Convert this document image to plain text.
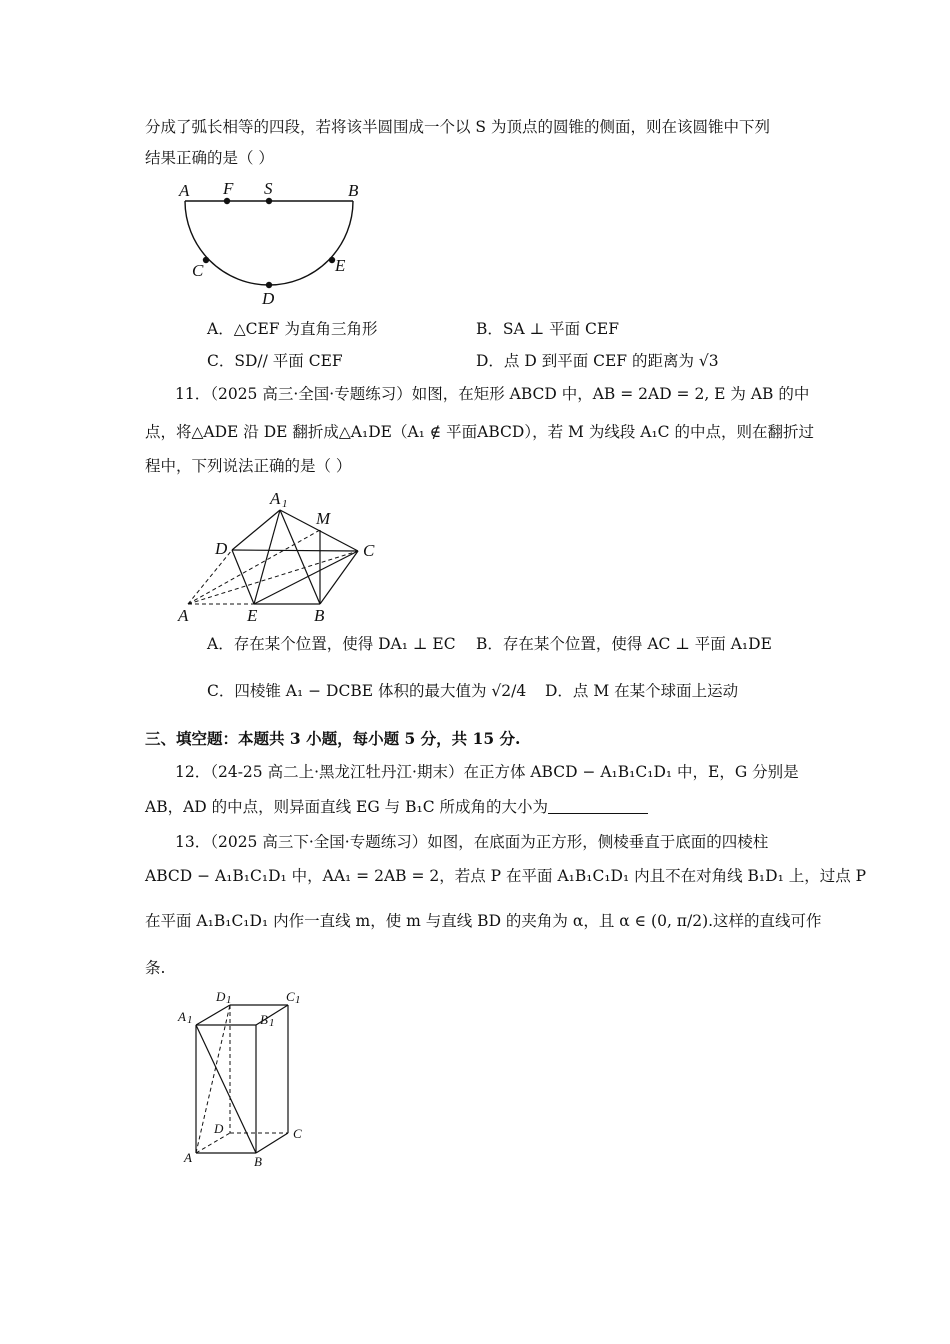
分成了弧长相等的四段，若将该半圆围成一个以 S 为顶点的圆锥的侧面，则在该圆锥中下列
结果正确的是（ ）
A F S	B
C
D
E
A．△CEF 为直角三角形	B．SA ⊥ 平面 CEF
C．SD// 平面 CEF	D．点 D 到平面 CEF 的距离为 √3
11．（2025 高三·全国·专题练习）如图，在矩形 ABCD 中，AB = 2AD = 2, E 为 AB 的中
点，将△ADE 沿 DE 翻折成△A₁DE（A₁ ∉ 平面ABCD），若 M 为线段 A₁C 的中点，则在翻折过
程中，下列说法正确的是（ ）
A 1
M
D	C
A	E	B
A．存在某个位置，使得 DA₁ ⊥ EC B．存在某个位置，使得 AC ⊥ 平面 A₁DE
C．四棱锥 A₁ − DCBE 体积的最大值为 √2/4 D．点 M 在某个球面上运动
三、填空题：本题共 3 小题，每小题 5 分，共 15 分.
12．（24-25 高二上·黑龙江牡丹江·期末）在正方体 ABCD − A₁B₁C₁D₁ 中，E，G 分别是
AB，AD 的中点，则异面直线 EG 与 B₁C 所成角的大小为
13．（2025 高三下·全国·专题练习）如图，在底面为正方形，侧棱垂直于底面的四棱柱
ABCD − A₁B₁C₁D₁ 中，AA₁ = 2AB = 2，若点 P 在平面 A₁B₁C₁D₁ 内且不在对角线 B₁D₁ 上，过点 P
在平面 A₁B₁C₁D₁ 内作一直线 m，使 m 与直线 BD 的夹角为 α，且 α ∈ (0, π/2).这样的直线可作
条.
D 1	C 1
A 1	B 1
D	C
A	B
